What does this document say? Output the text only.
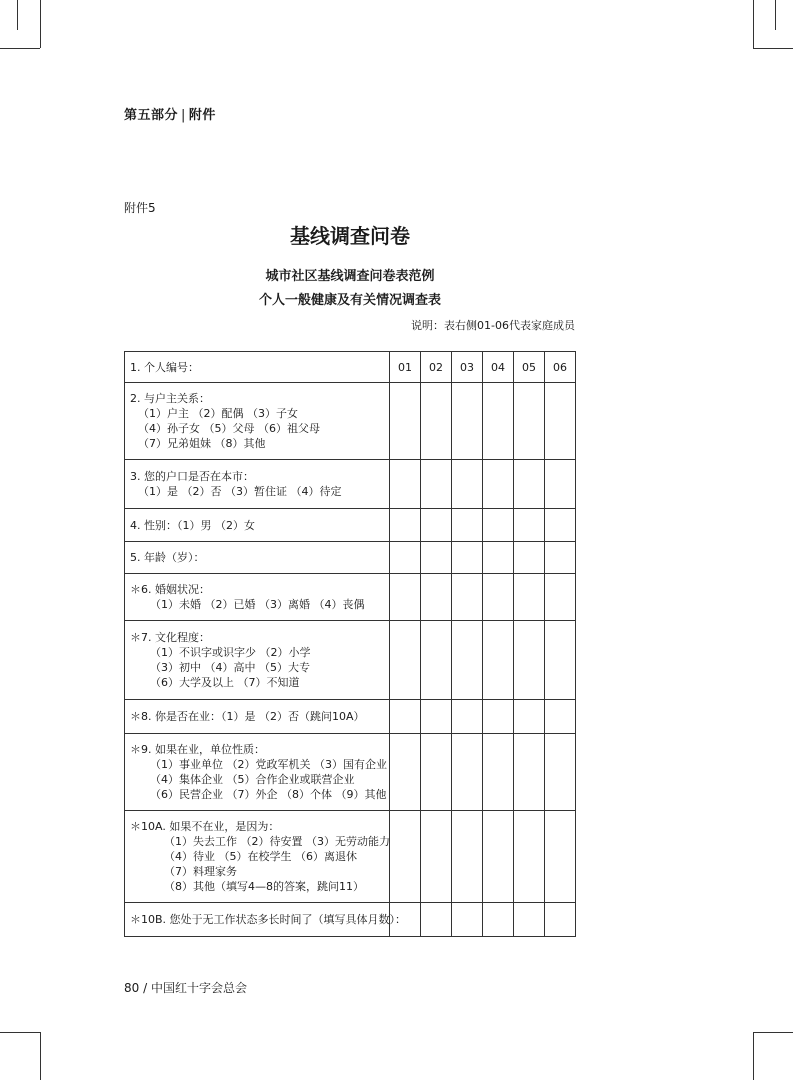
第五部分 | 附件
附件5
基线调查问卷
城市社区基线调查问卷表范例
个人一般健康及有关情况调查表
说明：表右侧01-06代表家庭成员
1. 个人编号：	01	02	03	04	05	06

2. 与户主关系：
（1）户主 （2）配偶 （3）子女
（4）孙子女 （5）父母 （6）祖父母
（7）兄弟姐妹 （8）其他						

3. 您的户口是否在本市：
（1）是 （2）否 （3）暂住证 （4）待定						

4. 性别：（1）男 （2）女						

5. 年龄（岁）：						

＊6. 婚姻状况：
（1）未婚 （2）已婚 （3）离婚 （4）丧偶						

＊7. 文化程度：
（1）不识字或识字少 （2）小学
（3）初中 （4）高中 （5）大专
（6）大学及以上 （7）不知道						

＊8. 你是否在业：（1）是 （2）否（跳问10A）						

＊9. 如果在业，单位性质：
（1）事业单位 （2）党政军机关 （3）国有企业
（4）集体企业 （5）合作企业或联营企业
（6）民营企业 （7）外企 （8）个体 （9）其他						

＊10A. 如果不在业，是因为：
（1）失去工作 （2）待安置 （3）无劳动能力
（4）待业 （5）在校学生 （6）离退休
（7）料理家务
（8）其他（填写4—8的答案，跳问11）						

＊10B. 您处于无工作状态多长时间了（填写具体月数）：						

80 / 中国红十字会总会
